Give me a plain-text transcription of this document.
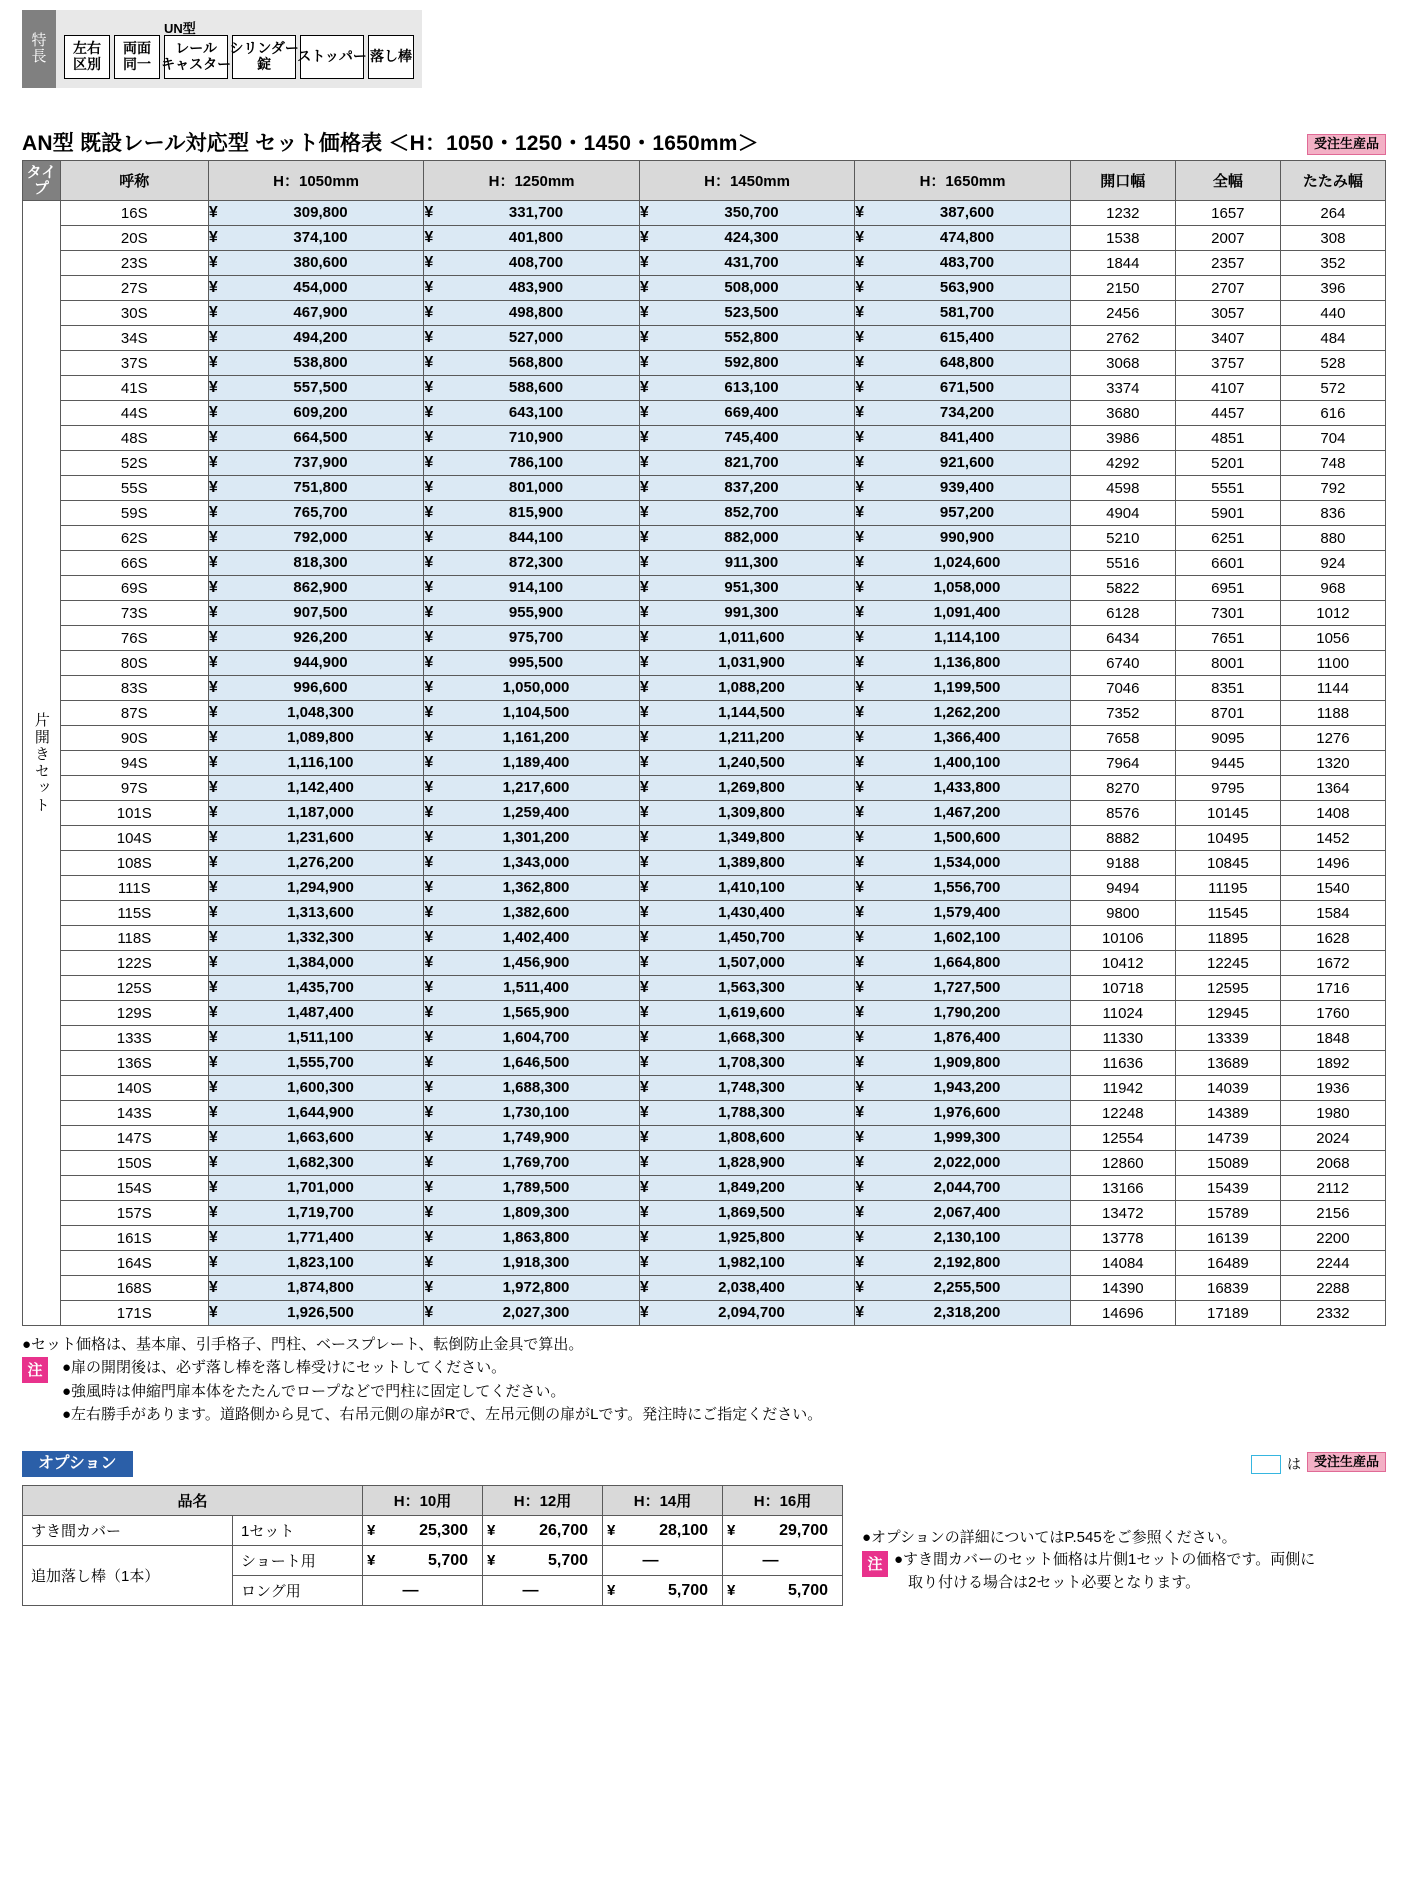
特
長
UN型
左右
区別
両面
同一
レール
キャスター
シリンダー
錠 ストッパー 落し棒
AN型 既設レール対応型 セット価格表 ＜H：1050・1250・1450・1650mm＞	受注生産品
タイプ	呼称	H：1050mm	H：1250mm	H：1450mm	H：1650mm	開口幅	全幅	たたみ幅
片開きセット	16S	¥ 309,800	¥ 331,700	¥ 350,700	¥ 387,600	1232	1657	264
	20S	¥ 374,100	¥ 401,800	¥ 424,300	¥ 474,800	1538	2007	308
	23S	¥ 380,600	¥ 408,700	¥ 431,700	¥ 483,700	1844	2357	352
	27S	¥ 454,000	¥ 483,900	¥ 508,000	¥ 563,900	2150	2707	396
	30S	¥ 467,900	¥ 498,800	¥ 523,500	¥ 581,700	2456	3057	440
	34S	¥ 494,200	¥ 527,000	¥ 552,800	¥ 615,400	2762	3407	484
	37S	¥ 538,800	¥ 568,800	¥ 592,800	¥ 648,800	3068	3757	528
	41S	¥ 557,500	¥ 588,600	¥ 613,100	¥ 671,500	3374	4107	572
	44S	¥ 609,200	¥ 643,100	¥ 669,400	¥ 734,200	3680	4457	616
	48S	¥ 664,500	¥ 710,900	¥ 745,400	¥ 841,400	3986	4851	704
	52S	¥ 737,900	¥ 786,100	¥ 821,700	¥ 921,600	4292	5201	748
	55S	¥ 751,800	¥ 801,000	¥ 837,200	¥ 939,400	4598	5551	792
	59S	¥ 765,700	¥ 815,900	¥ 852,700	¥ 957,200	4904	5901	836
	62S	¥ 792,000	¥ 844,100	¥ 882,000	¥ 990,900	5210	6251	880
	66S	¥ 818,300	¥ 872,300	¥ 911,300	¥ 1,024,600	5516	6601	924
	69S	¥ 862,900	¥ 914,100	¥ 951,300	¥ 1,058,000	5822	6951	968
	73S	¥ 907,500	¥ 955,900	¥ 991,300	¥ 1,091,400	6128	7301	1012
	76S	¥ 926,200	¥ 975,700	¥ 1,011,600	¥ 1,114,100	6434	7651	1056
	80S	¥ 944,900	¥ 995,500	¥ 1,031,900	¥ 1,136,800	6740	8001	1100
	83S	¥ 996,600	¥ 1,050,000	¥ 1,088,200	¥ 1,199,500	7046	8351	1144
	87S	¥ 1,048,300	¥ 1,104,500	¥ 1,144,500	¥ 1,262,200	7352	8701	1188
	90S	¥ 1,089,800	¥ 1,161,200	¥ 1,211,200	¥ 1,366,400	7658	9095	1276
	94S	¥ 1,116,100	¥ 1,189,400	¥ 1,240,500	¥ 1,400,100	7964	9445	1320
	97S	¥ 1,142,400	¥ 1,217,600	¥ 1,269,800	¥ 1,433,800	8270	9795	1364
	101S	¥ 1,187,000	¥ 1,259,400	¥ 1,309,800	¥ 1,467,200	8576	10145	1408
	104S	¥ 1,231,600	¥ 1,301,200	¥ 1,349,800	¥ 1,500,600	8882	10495	1452
	108S	¥ 1,276,200	¥ 1,343,000	¥ 1,389,800	¥ 1,534,000	9188	10845	1496
	111S	¥ 1,294,900	¥ 1,362,800	¥ 1,410,100	¥ 1,556,700	9494	11195	1540
	115S	¥ 1,313,600	¥ 1,382,600	¥ 1,430,400	¥ 1,579,400	9800	11545	1584
	118S	¥ 1,332,300	¥ 1,402,400	¥ 1,450,700	¥ 1,602,100	10106	11895	1628
	122S	¥ 1,384,000	¥ 1,456,900	¥ 1,507,000	¥ 1,664,800	10412	12245	1672
	125S	¥ 1,435,700	¥ 1,511,400	¥ 1,563,300	¥ 1,727,500	10718	12595	1716
	129S	¥ 1,487,400	¥ 1,565,900	¥ 1,619,600	¥ 1,790,200	11024	12945	1760
	133S	¥ 1,511,100	¥ 1,604,700	¥ 1,668,300	¥ 1,876,400	11330	13339	1848
	136S	¥ 1,555,700	¥ 1,646,500	¥ 1,708,300	¥ 1,909,800	11636	13689	1892
	140S	¥ 1,600,300	¥ 1,688,300	¥ 1,748,300	¥ 1,943,200	11942	14039	1936
	143S	¥ 1,644,900	¥ 1,730,100	¥ 1,788,300	¥ 1,976,600	12248	14389	1980
	147S	¥ 1,663,600	¥ 1,749,900	¥ 1,808,600	¥ 1,999,300	12554	14739	2024
	150S	¥ 1,682,300	¥ 1,769,700	¥ 1,828,900	¥ 2,022,000	12860	15089	2068
	154S	¥ 1,701,000	¥ 1,789,500	¥ 1,849,200	¥ 2,044,700	13166	15439	2112
	157S	¥ 1,719,700	¥ 1,809,300	¥ 1,869,500	¥ 2,067,400	13472	15789	2156
	161S	¥ 1,771,400	¥ 1,863,800	¥ 1,925,800	¥ 2,130,100	13778	16139	2200
	164S	¥ 1,823,100	¥ 1,918,300	¥ 1,982,100	¥ 2,192,800	14084	16489	2244
	168S	¥ 1,874,800	¥ 1,972,800	¥ 2,038,400	¥ 2,255,500	14390	16839	2288
	171S	¥ 1,926,500	¥ 2,027,300	¥ 2,094,700	¥ 2,318,200	14696	17189	2332
●セット価格は、基本扉、引手格子、門柱、ベースプレート、転倒防止金具で算出。
●扉の開閉後は、必ず落し棒を落し棒受けにセットしてください。
●強風時は伸縮門扉本体をたたんでロープなどで門柱に固定してください。
●左右勝手があります。道路側から見て、右吊元側の扉がRで、左吊元側の扉がLです。発注時にご指定ください。
注
オプション	は	受注生産品
品名		H：10用	H：12用	H：14用	H：16用
すき間カバー	1セット	¥ 25,300	¥ 26,700	¥ 28,100	¥ 29,700
追加落し棒（1本）	ショート用	¥ 5,700	¥ 5,700	—	—

	ロング用	—	—	¥ 5,700	¥ 5,700
●オプションの詳細についてはP.545をご参照ください。
注 ●すき間カバーのセット価格は片側1セットの価格です。両側に
取り付ける場合は2セット必要となります。
